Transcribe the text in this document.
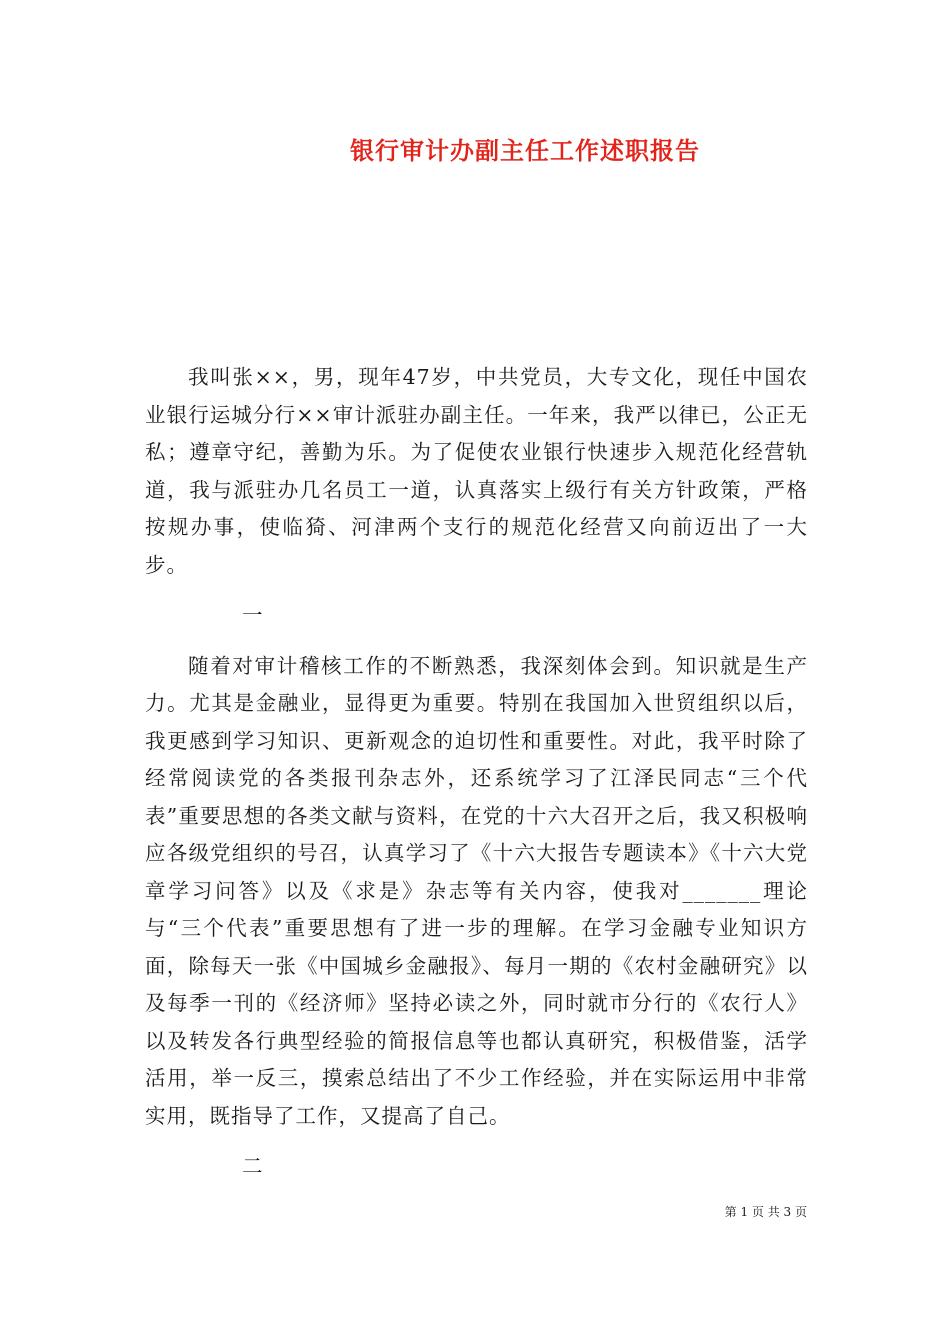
银行审计办副主任工作述职报告

我叫张××，男，现年47岁，中共党员，大专文化，现任中国农业银行运城分行××审计派驻办副主任。一年来，我严以律已，公正无私；遵章守纪，善勤为乐。为了促使农业银行快速步入规范化经营轨道，我与派驻办几名员工一道，认真落实上级行有关方针政策，严格按规办事，使临猗、河津两个支行的规范化经营又向前迈出了一大步。

一

随着对审计稽核工作的不断熟悉，我深刻体会到。知识就是生产力。尤其是金融业，显得更为重要。特别在我国加入世贸组织以后，我更感到学习知识、更新观念的迫切性和重要性。对此，我平时除了经常阅读党的各类报刊杂志外，还系统学习了江泽民同志“三个代表”重要思想的各类文献与资料，在党的十六大召开之后，我又积极响应各级党组织的号召，认真学习了《十六大报告专题读本》《十六大党章学习问答》以及《求是》杂志等有关内容，使我对_______理论与“三个代表”重要思想有了进一步的理解。在学习金融专业知识方面，除每天一张《中国城乡金融报》、每月一期的《农村金融研究》以及每季一刊的《经济师》坚持必读之外，同时就市分行的《农行人》以及转发各行典型经验的简报信息等也都认真研究，积极借鉴，活学活用，举一反三，摸索总结出了不少工作经验，并在实际运用中非常实用，既指导了工作，又提高了自己。

二

第 1 页 共 3 页
